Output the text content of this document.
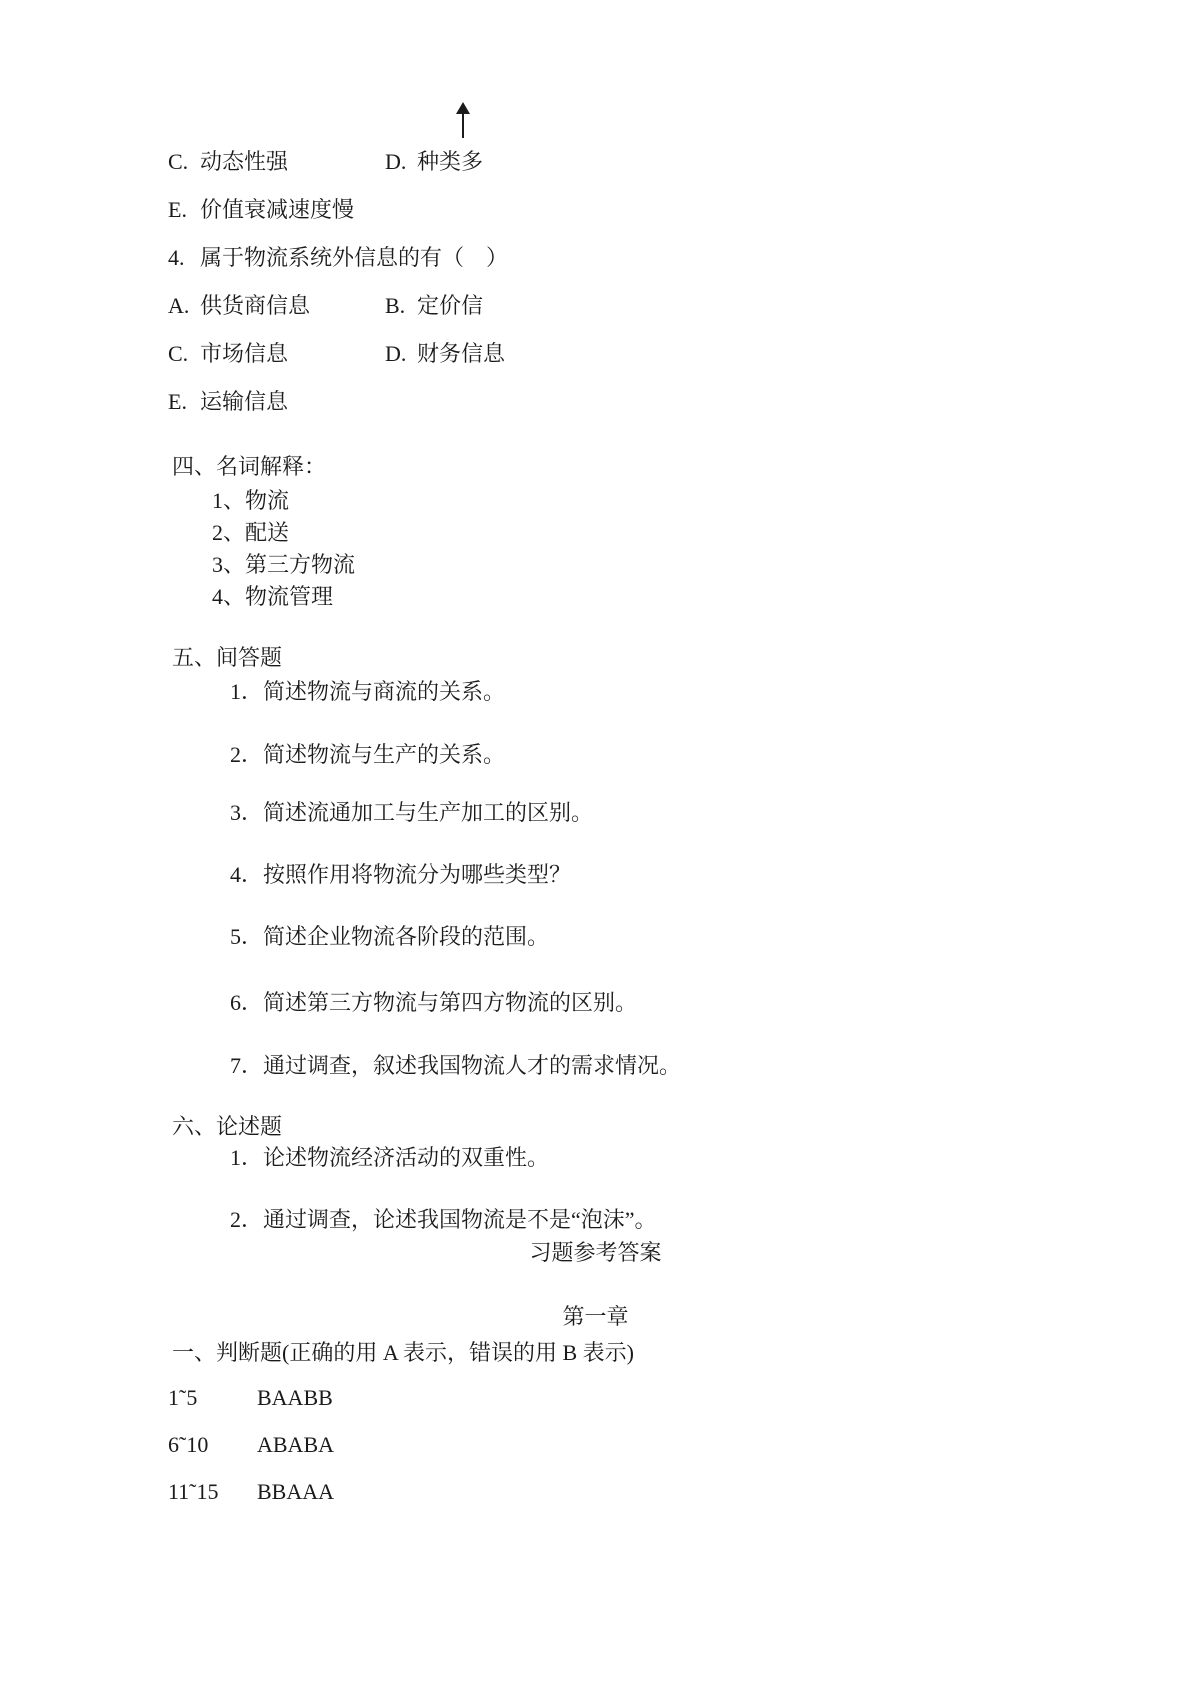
C. 动态性强	D. 种类多
E. 价值衰减速度慢
4. 属于物流系统外信息的有（　）
A. 供货商信息	B. 定价信
C. 市场信息	D. 财务信息
E. 运输信息
四、名词解释：
1、物流
2、配送
3、第三方物流
4、物流管理
五、间答题
1．简述物流与商流的关系。
2．简述物流与生产的关系。
3．简述流通加工与生产加工的区别。
4．按照作用将物流分为哪些类型？
5．简述企业物流各阶段的范围。
6．简述第三方物流与第四方物流的区别。
7．通过调查，叙述我国物流人才的需求情况。
六、论述题
1．论述物流经济活动的双重性。
2．通过调查，论述我国物流是不是“泡沫”。
习题参考答案
第一章
一、判断题(正确的用 A 表示，错误的用 B 表示)
1˜5	BAABB
6˜10 ABABA
11˜15 BBAAA
